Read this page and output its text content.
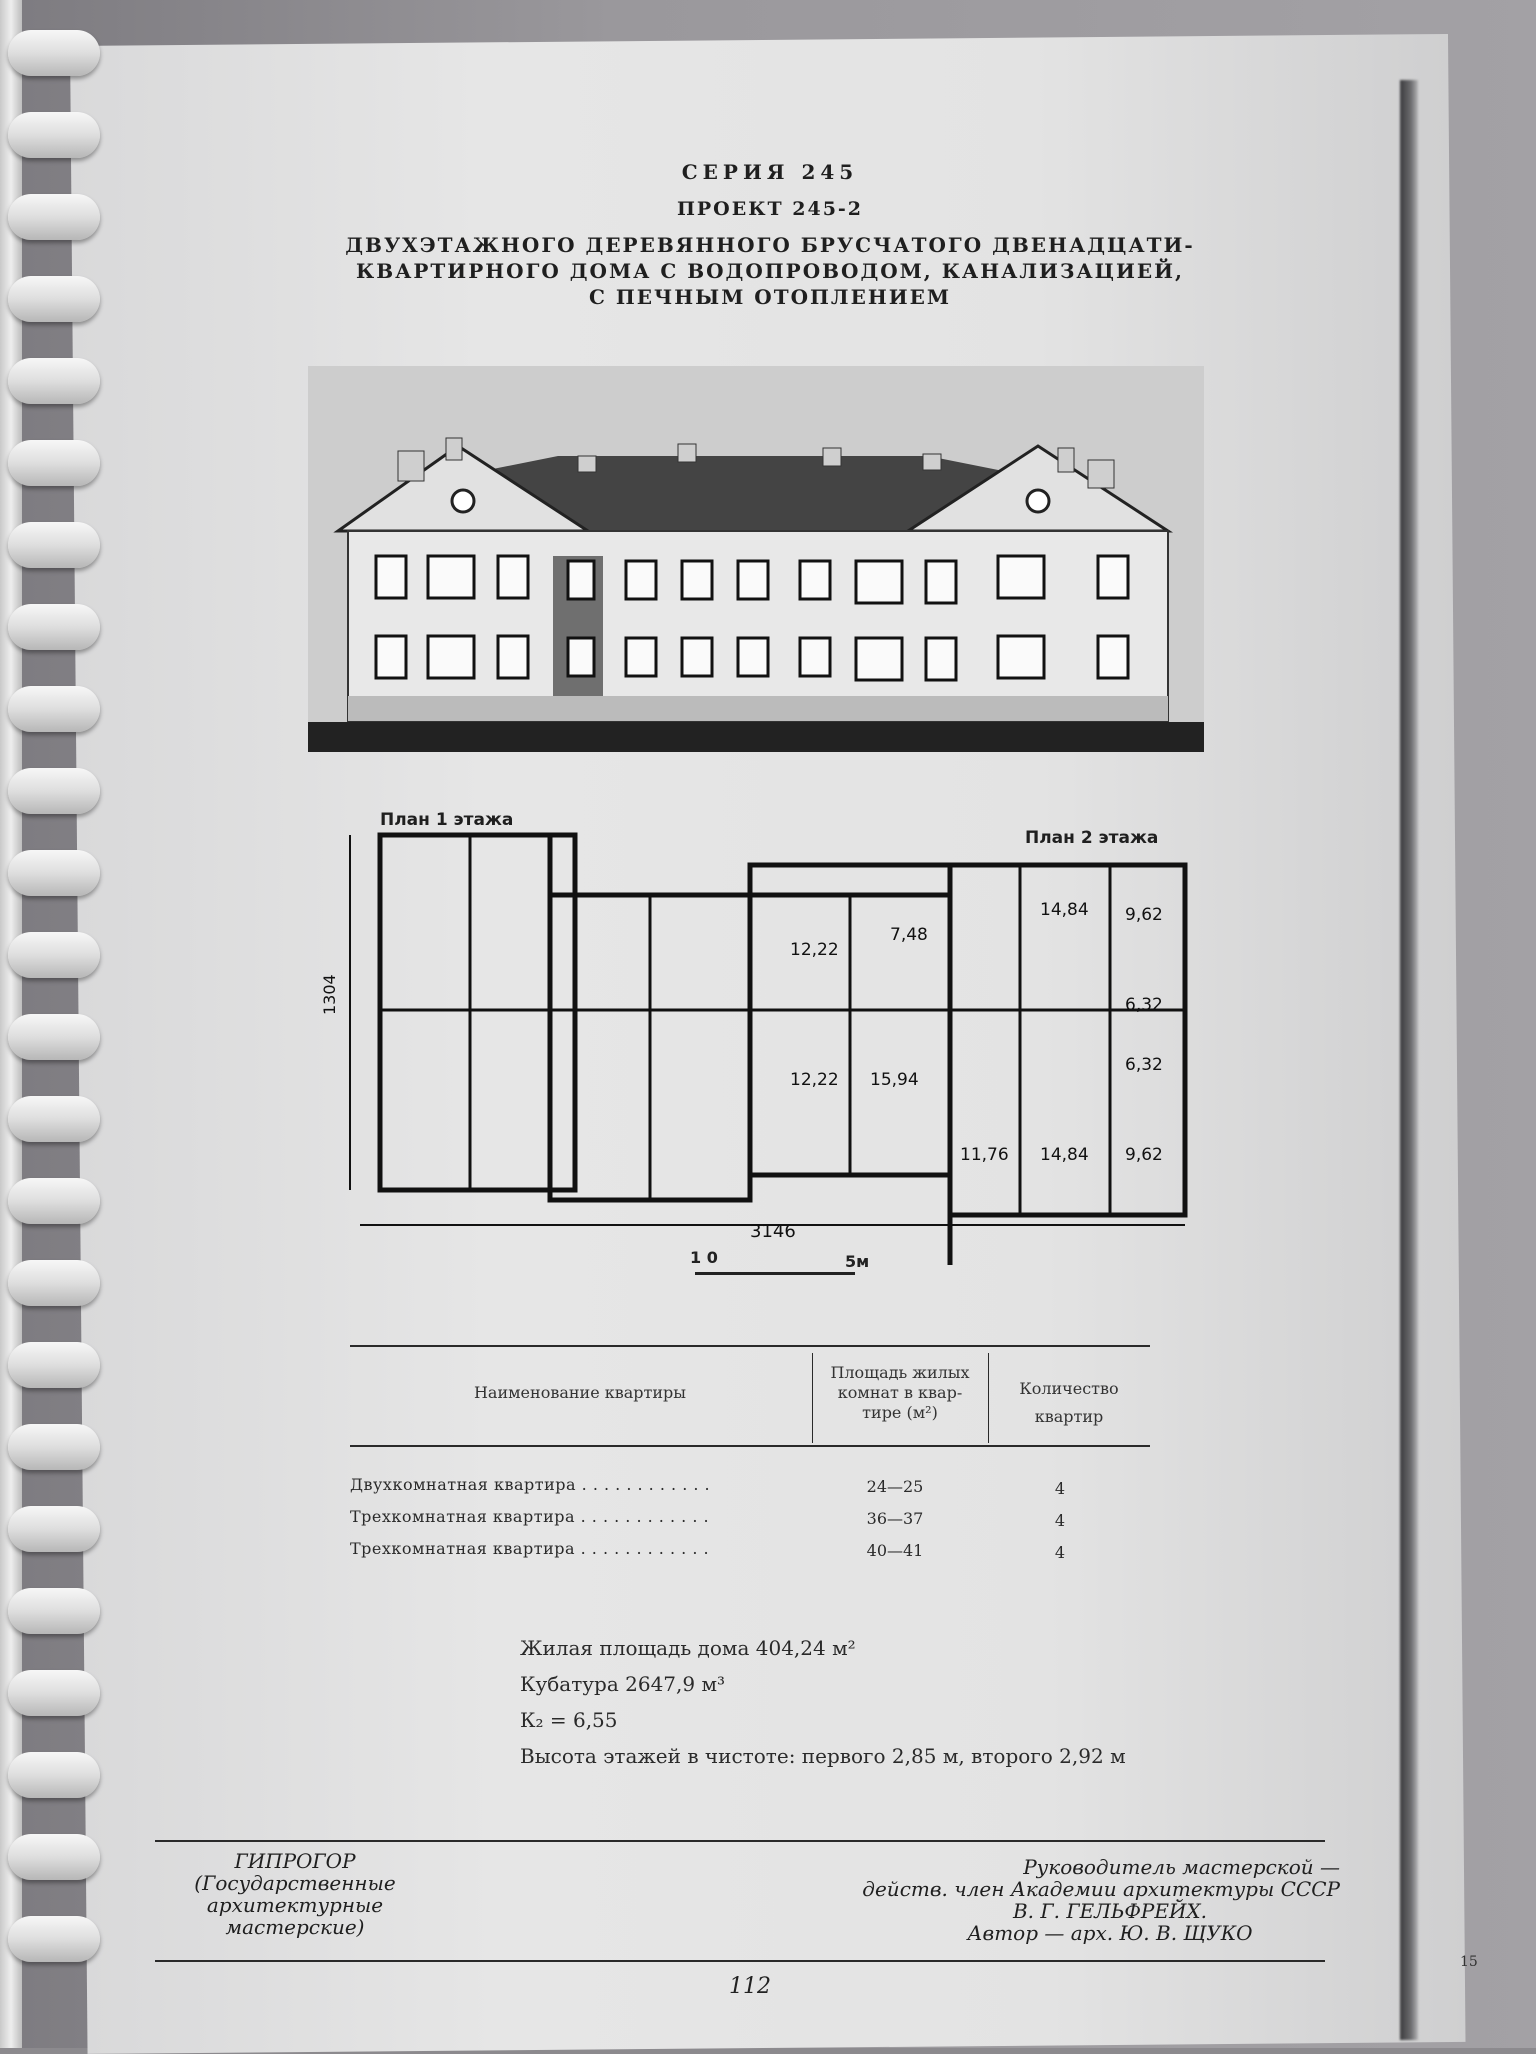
СЕРИЯ 245
ПРОЕКТ 245-2
ДВУХЭТАЖНОГО ДЕРЕВЯННОГО БРУСЧАТОГО ДВЕНАДЦАТИ-
КВАРТИРНОГО ДОМА С ВОДОПРОВОДОМ, КАНАЛИЗАЦИЕЙ,
С ПЕЧНЫМ ОТОПЛЕНИЕМ
План 1 этажа
План 2 этажа
1304
3146
14,84 9,62
12,22
7,48
6,32
6,32
12,22 15,94
11,76 14,84 9,62
1 0	5м
Наименование квартиры
Площадь жилых
комнат в квар-
тире (м²)
Количество
квартир
Двухкомнатная квартира . . . . . . . . . . . .	24—25	4
Трехкомнатная квартира . . . . . . . . . . . .	36—37	4
Трехкомнатная квартира . . . . . . . . . . . .	40—41	4
Жилая площадь дома 404,24 м²
Кубатура 2647,9 м³
К₂ = 6,55
Высота этажей в чистоте: первого 2,85 м, второго 2,92 м
ГИПРОГОР
(Государственные
архитектурные
мастерские)
Руководитель мастерской —
действ. член Академии архитектуры СССР
В. Г. ГЕЛЬФРЕЙХ.
Автор — арх. Ю. В. ЩУКО
112
15
